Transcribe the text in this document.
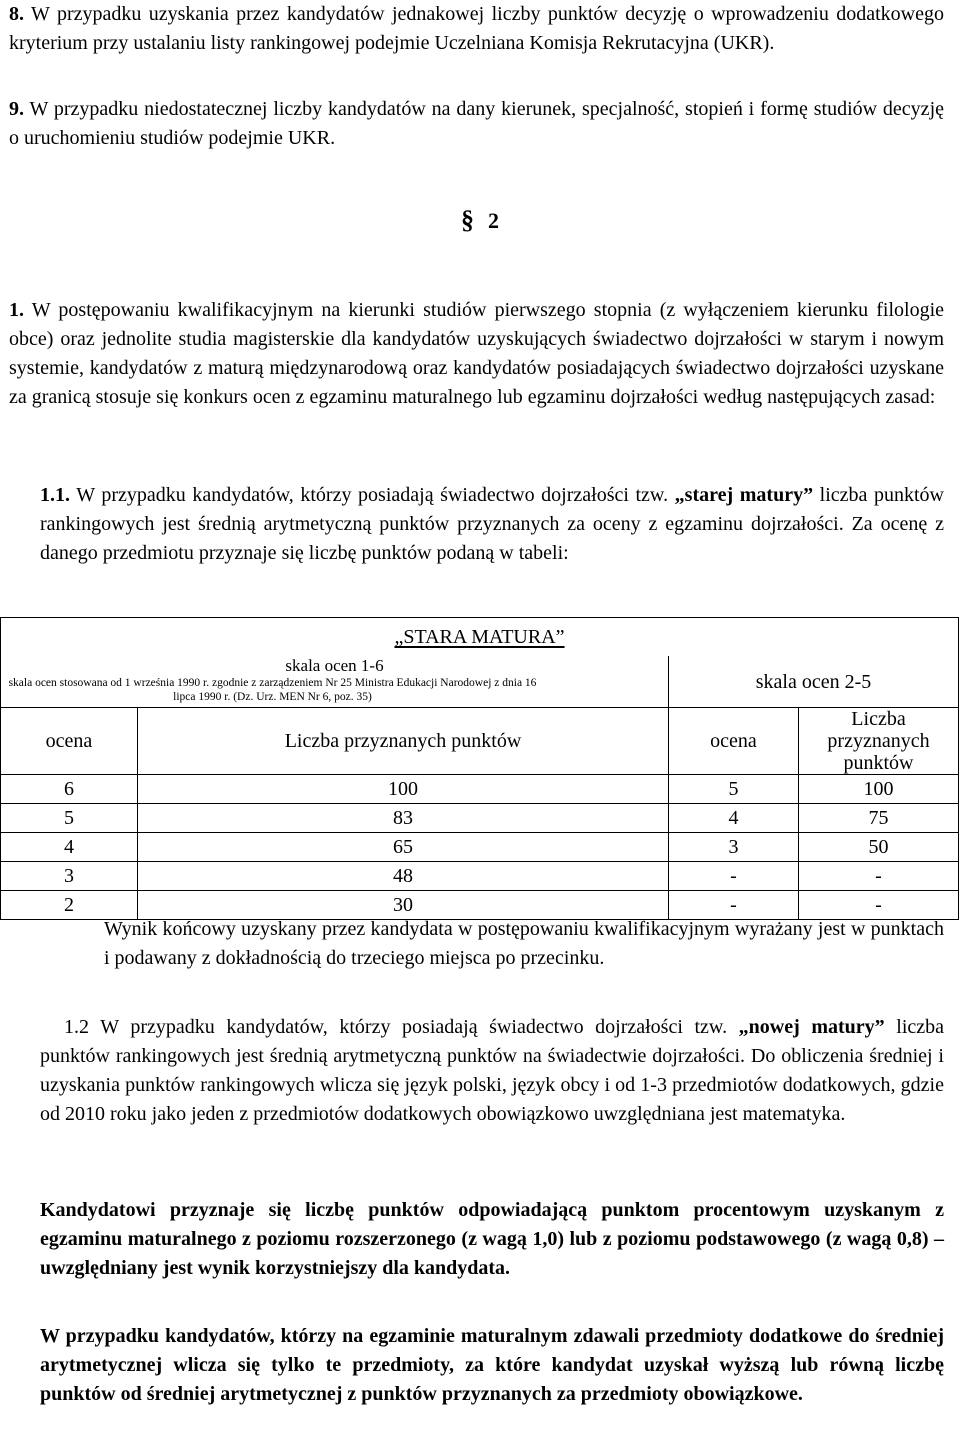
8. W przypadku uzyskania przez kandydatów jednakowej liczby punktów decyzję o wprowadzeniu dodatkowego kryterium przy ustalaniu listy rankingowej podejmie Uczelniana Komisja Rekrutacyjna (UKR).
9. W przypadku niedostatecznej liczby kandydatów na dany kierunek, specjalność, stopień i formę studiów decyzję o uruchomieniu studiów podejmie UKR.
§ 2
1. W postępowaniu kwalifikacyjnym na kierunki studiów pierwszego stopnia (z wyłączeniem kierunku filologie obce) oraz jednolite studia magisterskie dla kandydatów uzyskujących świadectwo dojrzałości w starym i nowym systemie, kandydatów z maturą międzynarodową oraz kandydatów posiadających świadectwo dojrzałości uzyskane za granicą stosuje się konkurs ocen z egzaminu maturalnego lub egzaminu dojrzałości według następujących zasad:
1.1. W przypadku kandydatów, którzy posiadają świadectwo dojrzałości tzw. „starej matury” liczba punktów rankingowych jest średnią arytmetyczną punktów przyznanych za oceny z egzaminu dojrzałości. Za ocenę z danego przedmiotu przyznaje się liczbę punktów podaną w tabeli:
„STARA MATURA”			

skala ocen 1-6
skala ocen stosowana od 1 września 1990 r. zgodnie z zarządzeniem Nr 25 Ministra Edukacji Narodowej z dnia 16 lipca 1990 r. (Dz. Urz. MEN Nr 6, poz. 35)		skala ocen 2-5	
ocena	Liczba przyznanych punktów	ocena	Liczba przyznanych punktów
6	100	5	100
5	83	4	75
4	65	3	50
3	48	-	-
2	30	-	-
Wynik końcowy uzyskany przez kandydata w postępowaniu kwalifikacyjnym wyrażany jest w punktach i podawany z dokładnością do trzeciego miejsca po przecinku.
1.2 W przypadku kandydatów, którzy posiadają świadectwo dojrzałości tzw. „nowej matury” liczba punktów rankingowych jest średnią arytmetyczną punktów na świadectwie dojrzałości. Do obliczenia średniej i uzyskania punktów rankingowych wlicza się język polski, język obcy i od 1-3 przedmiotów dodatkowych, gdzie od 2010 roku jako jeden z przedmiotów dodatkowych obowiązkowo uwzględniana jest matematyka.
Kandydatowi przyznaje się liczbę punktów odpowiadającą punktom procentowym uzyskanym z egzaminu maturalnego z poziomu rozszerzonego (z wagą 1,0) lub z poziomu podstawowego (z wagą 0,8) – uwzględniany jest wynik korzystniejszy dla kandydata.
W przypadku kandydatów, którzy na egzaminie maturalnym zdawali przedmioty dodatkowe do średniej arytmetycznej wlicza się tylko te przedmioty, za które kandydat uzyskał wyższą lub równą liczbę punktów od średniej arytmetycznej z punktów przyznanych za przedmioty obowiązkowe.
